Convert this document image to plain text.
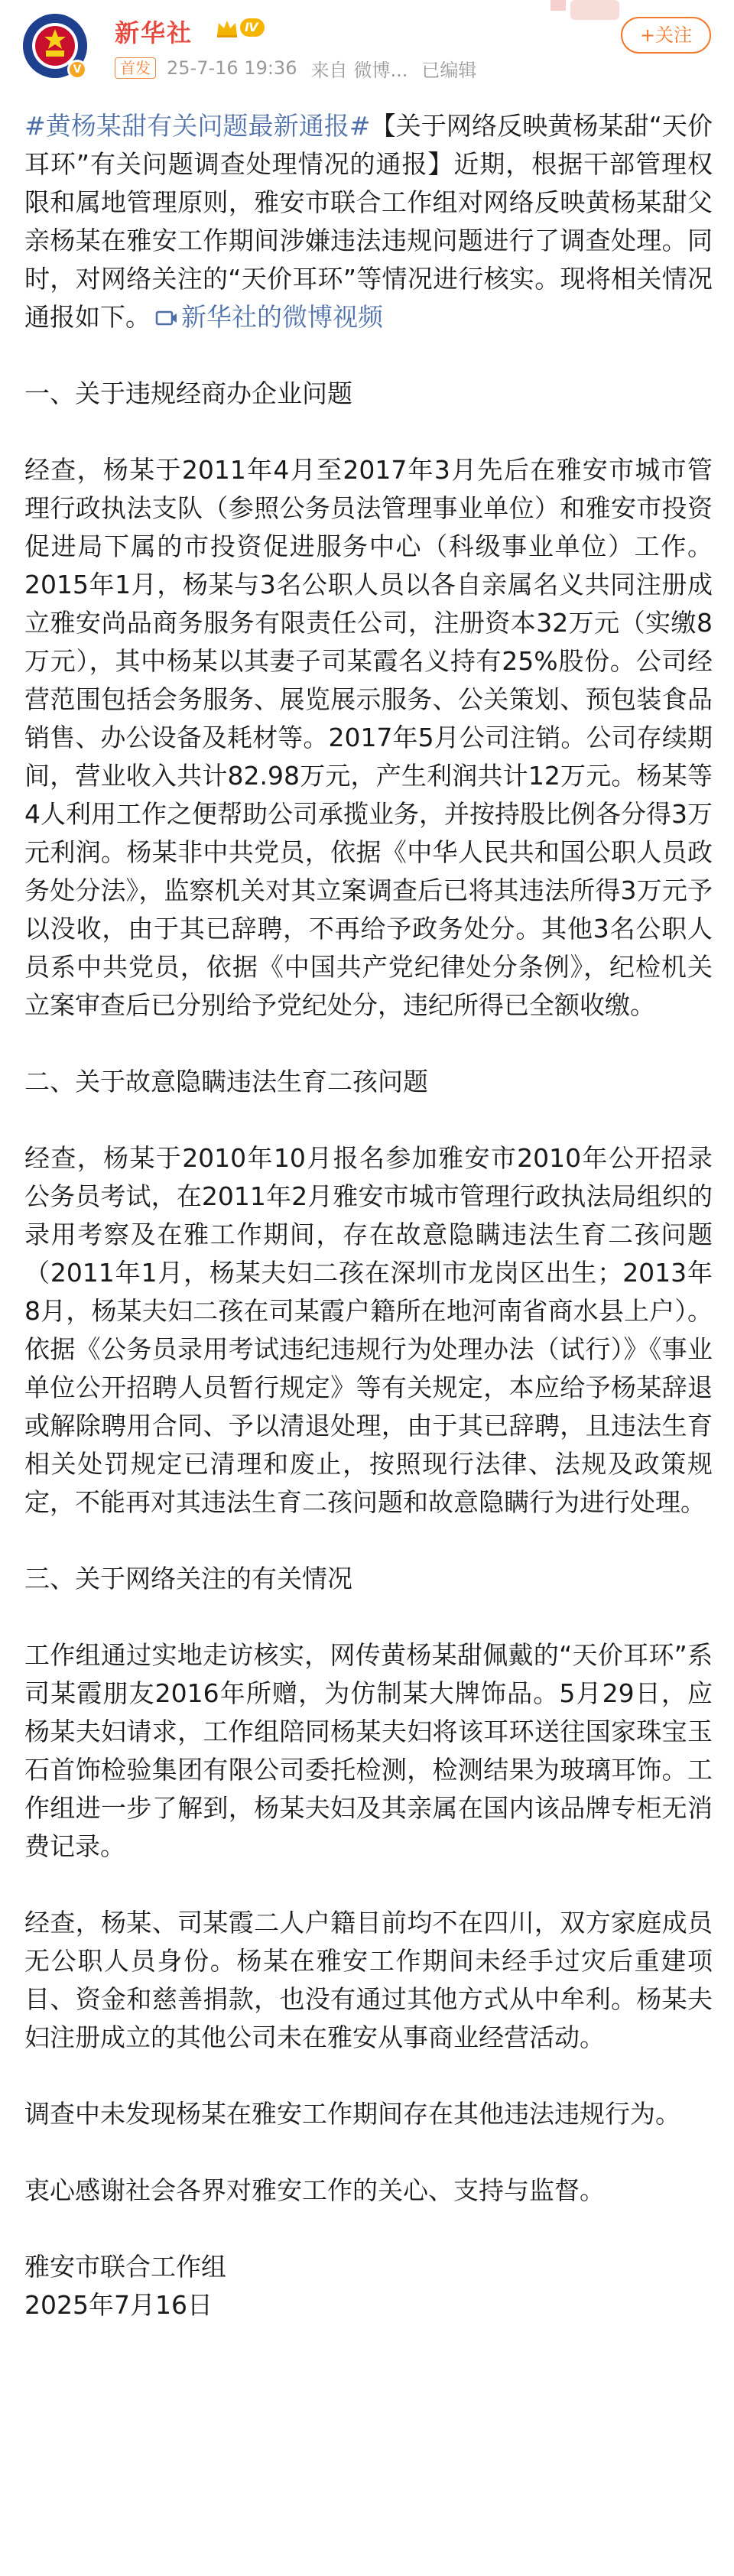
V
新华社	Ⅳ
首发 25-7-16 19:36 来自 微博... 已编辑
+关注

#黄杨某甜有关问题最新通报#【关于网络反映黄杨某甜“天价耳环”有关问题调查处理情况的通报】近期，根据干部管理权限和属地管理原则，雅安市联合工作组对网络反映黄杨某甜父亲杨某在雅安工作期间涉嫌违法违规问题进行了调查处理。同时，对网络关注的“天价耳环”等情况进行核实。现将相关情况通报如下。 新华社的微博视频

一、关于违规经商办企业问题

经查，杨某于2011年4月至2017年3月先后在雅安市城市管理行政执法支队（参照公务员法管理事业单位）和雅安市投资促进局下属的市投资促进服务中心（科级事业单位）工作。2015年1月，杨某与3名公职人员以各自亲属名义共同注册成立雅安尚品商务服务有限责任公司，注册资本32万元（实缴8万元），其中杨某以其妻子司某霞名义持有25%股份。公司经营范围包括会务服务、展览展示服务、公关策划、预包装食品销售、办公设备及耗材等。2017年5月公司注销。公司存续期间，营业收入共计82.98万元，产生利润共计12万元。杨某等4人利用工作之便帮助公司承揽业务，并按持股比例各分得3万元利润。杨某非中共党员，依据《中华人民共和国公职人员政务处分法》，监察机关对其立案调查后已将其违法所得3万元予以没收，由于其已辞聘，不再给予政务处分。其他3名公职人员系中共党员，依据《中国共产党纪律处分条例》，纪检机关立案审查后已分别给予党纪处分，违纪所得已全额收缴。

二、关于故意隐瞒违法生育二孩问题

经查，杨某于2010年10月报名参加雅安市2010年公开招录公务员考试，在2011年2月雅安市城市管理行政执法局组织的录用考察及在雅工作期间，存在故意隐瞒违法生育二孩问题（2011年1月，杨某夫妇二孩在深圳市龙岗区出生；2013年8月，杨某夫妇二孩在司某霞户籍所在地河南省商水县上户）。依据《公务员录用考试违纪违规行为处理办法（试行）》《事业单位公开招聘人员暂行规定》等有关规定，本应给予杨某辞退或解除聘用合同、予以清退处理，由于其已辞聘，且违法生育相关处罚规定已清理和废止，按照现行法律、法规及政策规定，不能再对其违法生育二孩问题和故意隐瞒行为进行处理。

三、关于网络关注的有关情况

工作组通过实地走访核实，网传黄杨某甜佩戴的“天价耳环”系司某霞朋友2016年所赠，为仿制某大牌饰品。5月29日，应杨某夫妇请求，工作组陪同杨某夫妇将该耳环送往国家珠宝玉石首饰检验集团有限公司委托检测，检测结果为玻璃耳饰。工作组进一步了解到，杨某夫妇及其亲属在国内该品牌专柜无消费记录。

经查，杨某、司某霞二人户籍目前均不在四川，双方家庭成员无公职人员身份。杨某在雅安工作期间未经手过灾后重建项目、资金和慈善捐款，也没有通过其他方式从中牟利。杨某夫妇注册成立的其他公司未在雅安从事商业经营活动。

调查中未发现杨某在雅安工作期间存在其他违法违规行为。

衷心感谢社会各界对雅安工作的关心、支持与监督。

雅安市联合工作组

2025年7月16日
